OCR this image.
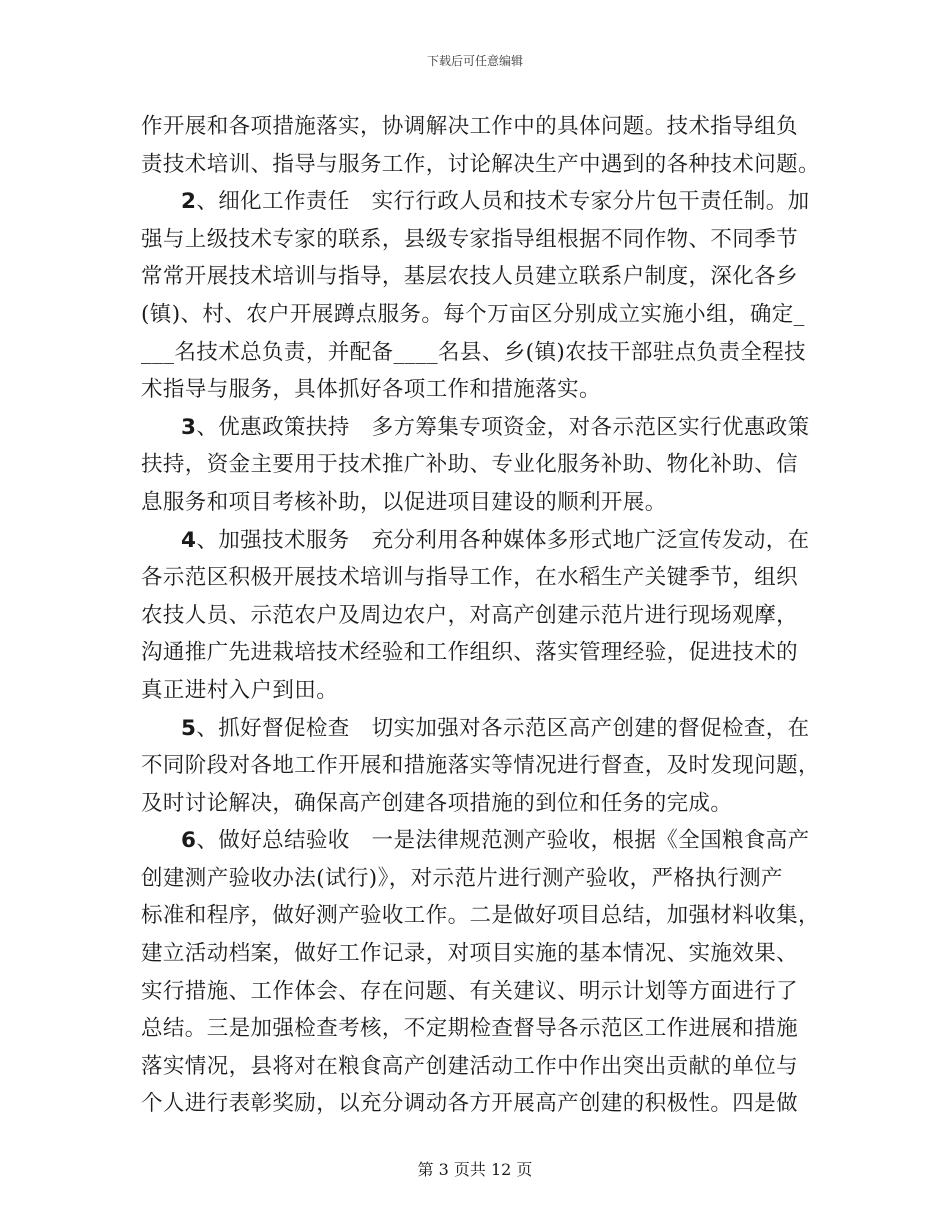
下载后可任意编辑
作开展和各项措施落实，协调解决工作中的具体问题。技术指导组负
责技术培训、指导与服务工作，讨论解决生产中遇到的各种技术问题。
2、细化工作责任　实行行政人员和技术专家分片包干责任制。加
强与上级技术专家的联系，县级专家指导组根据不同作物、不同季节
常常开展技术培训与指导，基层农技人员建立联系户制度，深化各乡
(镇)、村、农户开展蹲点服务。每个万亩区分别成立实施小组，确定_
___名技术总负责，并配备____名县、乡(镇)农技干部驻点负责全程技
术指导与服务，具体抓好各项工作和措施落实。
3、优惠政策扶持　多方筹集专项资金，对各示范区实行优惠政策
扶持，资金主要用于技术推广补助、专业化服务补助、物化补助、信
息服务和项目考核补助，以促进项目建设的顺利开展。
4、加强技术服务　充分利用各种媒体多形式地广泛宣传发动，在
各示范区积极开展技术培训与指导工作，在水稻生产关键季节，组织
农技人员、示范农户及周边农户，对高产创建示范片进行现场观摩，
沟通推广先进栽培技术经验和工作组织、落实管理经验，促进技术的
真正进村入户到田。
5、抓好督促检查　切实加强对各示范区高产创建的督促检查，在
不同阶段对各地工作开展和措施落实等情况进行督查，及时发现问题，
及时讨论解决，确保高产创建各项措施的到位和任务的完成。
6、做好总结验收　一是法律规范测产验收，根据《全国粮食高产
创建测产验收办法(试行)》，对示范片进行测产验收，严格执行测产
标准和程序，做好测产验收工作。二是做好项目总结，加强材料收集，
建立活动档案，做好工作记录，对项目实施的基本情况、实施效果、
实行措施、工作体会、存在问题、有关建议、明示计划等方面进行了
总结。三是加强检查考核，不定期检查督导各示范区工作进展和措施
落实情况，县将对在粮食高产创建活动工作中作出突出贡献的单位与
个人进行表彰奖励，以充分调动各方开展高产创建的积极性。四是做
第 3 页共 12 页
